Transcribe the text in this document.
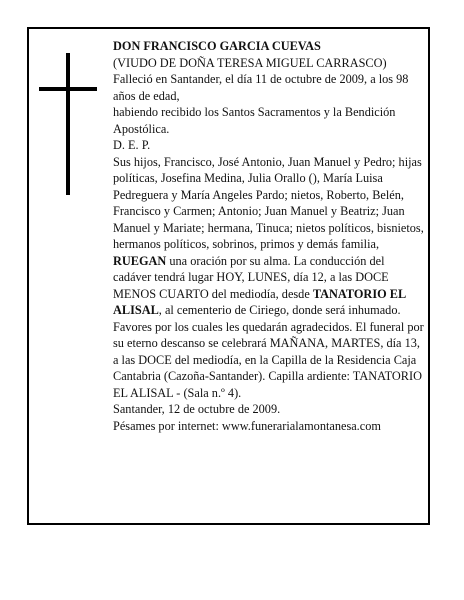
DON FRANCISCO GARCIA CUEVAS

(VIUDO DE DOÑA TERESA MIGUEL CARRASCO)

Falleció en Santander, el día 11 de octubre de 2009, a los 98 años de edad,

habiendo recibido los Santos Sacramentos y la Bendición Apostólica.

D. E. P.

Sus hijos, Francisco, José Antonio, Juan Manuel y Pedro; hijas políticas, Josefina Medina, Julia Orallo (), María Luisa Pedreguera y María Angeles Pardo; nietos, Roberto, Belén, Francisco y Carmen; Antonio; Juan Manuel y Beatriz; Juan Manuel y Mariate; hermana, Tinuca; nietos políticos, bisnietos, hermanos políticos, sobrinos, primos y demás familia,

RUEGAN una oración por su alma. La conducción del cadáver tendrá lugar HOY, LUNES, día 12, a las DOCE MENOS CUARTO del mediodía, desde TANATORIO EL ALISAL, al cementerio de Ciriego, donde será inhumado. Favores por los cuales les quedarán agradecidos. El funeral por su eterno descanso se celebrará MAÑANA, MARTES, día 13, a las DOCE del mediodía, en la Capilla de la Residencia Caja Cantabria (Cazoña-Santander). Capilla ardiente: TANATORIO EL ALISAL - (Sala n.º 4).

Santander, 12 de octubre de 2009.

Pésames por internet: www.funerarialamontanesa.com
